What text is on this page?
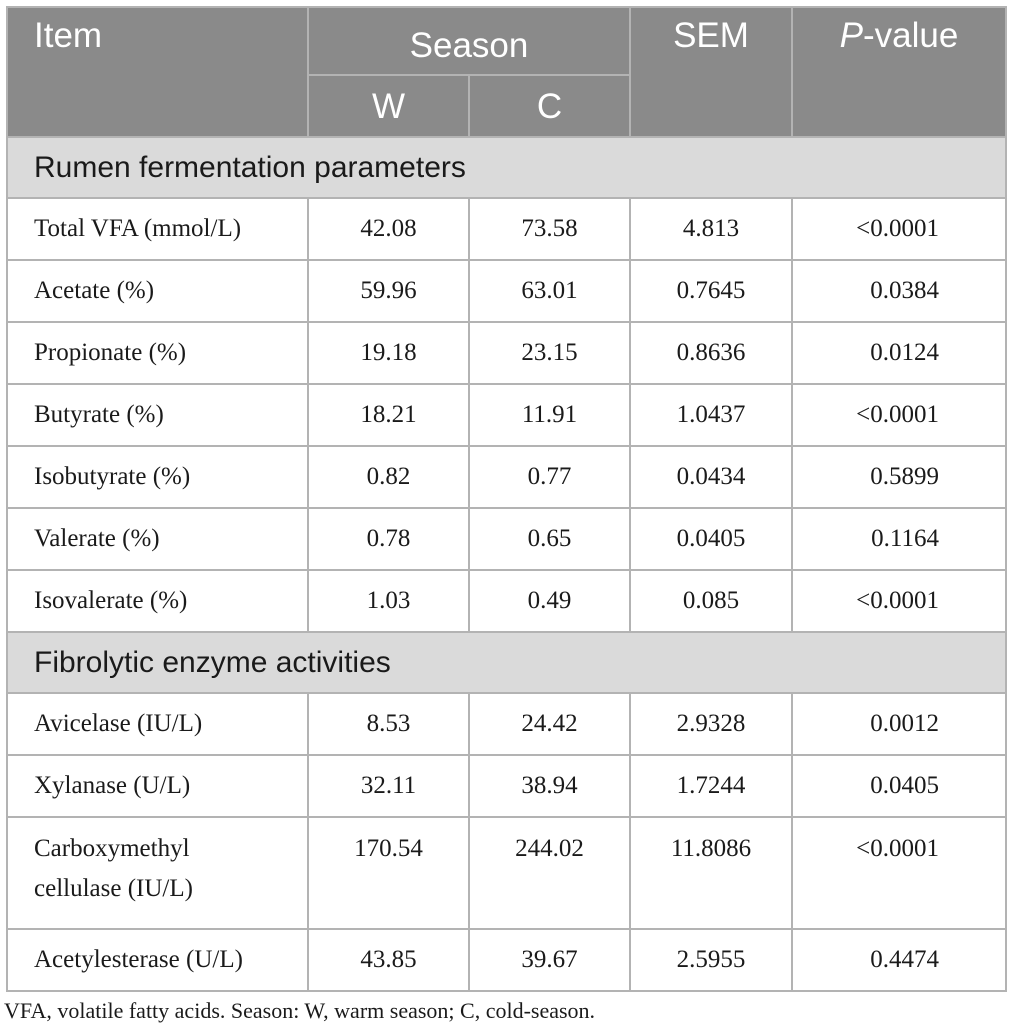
Item	Season		SEM	P-value
	W	C		
Rumen fermentation parameters				
Total VFA (mmol/L)	42.08	73.58	4.813	<0.0001
Acetate (%)	59.96	63.01	0.7645	0.0384
Propionate (%)	19.18	23.15	0.8636	0.0124
Butyrate (%)	18.21	11.91	1.0437	<0.0001
Isobutyrate (%)	0.82	0.77	0.0434	0.5899
Valerate (%)	0.78	0.65	0.0405	0.1164
Isovalerate (%)	1.03	0.49	0.085	<0.0001
Fibrolytic enzyme activities				
Avicelase (IU/L)	8.53	24.42	2.9328	0.0012
Xylanase (U/L)	32.11	38.94	1.7244	0.0405
Carboxymethyl
cellulase (IU/L)	170.54	244.02	11.8086	<0.0001
Acetylesterase (U/L)	43.85	39.67	2.5955	0.4474
VFA, volatile fatty acids. Season: W, warm season; C, cold-season.
